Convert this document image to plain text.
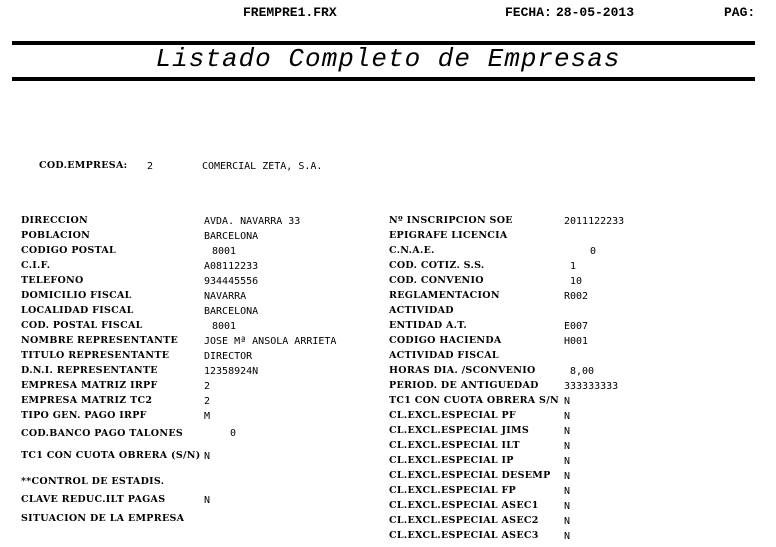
FREMPRE1.FRX	FECHA: 28-05-2013	PAG:
Listado Completo de Empresas
COD.EMPRESA: 2	COMERCIAL ZETA, S.A.
DIRECCION	AVDA. NAVARRA 33
POBLACION	BARCELONA
CODIGO POSTAL	8001
C.I.F.	A08112233
TELEFONO	934445556
DOMICILIO FISCAL	NAVARRA
LOCALIDAD FISCAL	BARCELONA
COD. POSTAL FISCAL	8001
NOMBRE REPRESENTANTE	JOSE Mª ANSOLA ARRIETA
TITULO REPRESENTANTE	DIRECTOR
D.N.I. REPRESENTANTE	12358924N
EMPRESA MATRIZ IRPF	2
EMPRESA MATRIZ TC2	2
TIPO GEN. PAGO IRPF	M
COD.BANCO PAGO TALONES	0
TC1 CON CUOTA OBRERA (S/N) N
**CONTROL DE ESTADIS.
CLAVE REDUC.ILT PAGAS	N
SITUACION DE LA EMPRESA
Nº INSCRIPCION SOE	2011122233
EPIGRAFE LICENCIA
C.N.A.E.	0
COD. COTIZ. S.S.	1
COD. CONVENIO	10
REGLAMENTACION	R002
ACTIVIDAD
ENTIDAD A.T.	E007
CODIGO HACIENDA	H001
ACTIVIDAD FISCAL
HORAS DIA. /SCONVENIO	8,00
PERIOD. DE ANTIGUEDAD	333333333
TC1 CON CUOTA OBRERA S/N N
CL.EXCL.ESPECIAL PF	N
CL.EXCL.ESPECIAL JIMS	N
CL.EXCL.ESPECIAL ILT	N
CL.EXCL.ESPECIAL IP	N
CL.EXCL.ESPECIAL DESEMP N
CL.EXCL.ESPECIAL FP	N
CL.EXCL.ESPECIAL ASEC1	N
CL.EXCL.ESPECIAL ASEC2	N
CL.EXCL.ESPECIAL ASEC3	N
